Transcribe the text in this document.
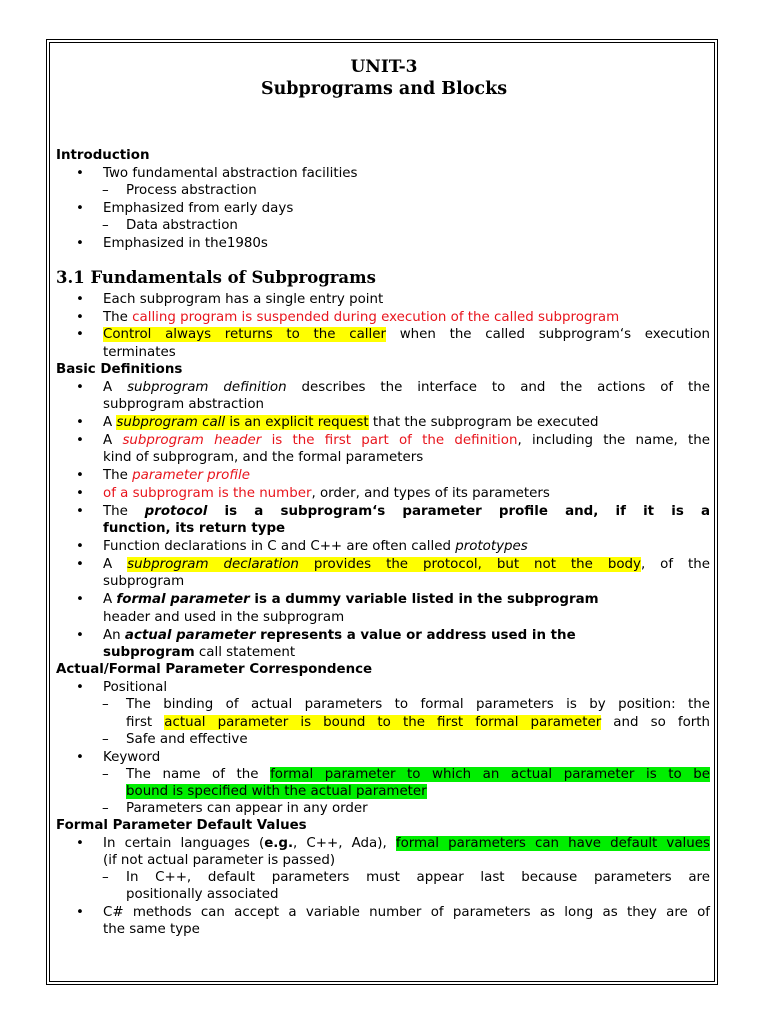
UNIT-3
Subprograms and Blocks
Introduction
• Two fundamental abstraction facilities
– Process abstraction
• Emphasized from early days
– Data abstraction
• Emphasized in the1980s
3.1 Fundamentals of Subprograms
• Each subprogram has a single entry point
• The calling program is suspended during execution of the called subprogram
• Control always returns to the caller when the called subprogram‘s execution
terminates
Basic Definitions
• A subprogram definition describes the interface to and the actions of the
subprogram abstraction
• A subprogram call is an explicit request that the subprogram be executed
• A subprogram header is the first part of the definition, including the name, the
kind of subprogram, and the formal parameters
• The parameter profile
• of a subprogram is the number, order, and types of its parameters
• The protocol is a subprogram‘s parameter profile and, if it is a
function, its return type
• Function declarations in C and C++ are often called prototypes
• A subprogram declaration provides the protocol, but not the body, of the
subprogram
• A formal parameter is a dummy variable listed in the subprogram
header and used in the subprogram
• An actual parameter represents a value or address used in the
subprogram call statement
Actual/Formal Parameter Correspondence
• Positional
– The binding of actual parameters to formal parameters is by position: the
first actual parameter is bound to the first formal parameter and so forth
– Safe and effective
• Keyword
– The name of the formal parameter to which an actual parameter is to be
bound is specified with the actual parameter
– Parameters can appear in any order
Formal Parameter Default Values
• In certain languages (e.g., C++, Ada), formal parameters can have default values
(if not actual parameter is passed)
– In C++, default parameters must appear last because parameters are
positionally associated
• C# methods can accept a variable number of parameters as long as they are of
the same type
